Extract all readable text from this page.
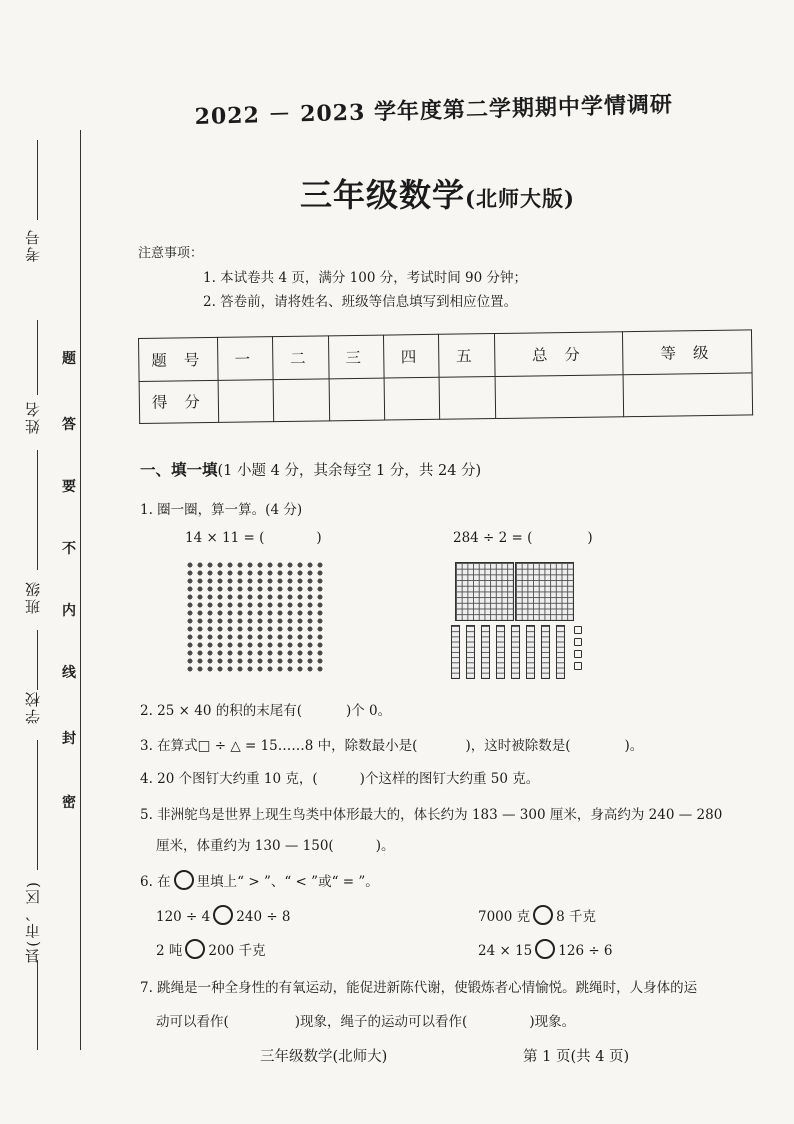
考号
姓名
班级
学校
县(市、区)
题
答
要
不
内
线
封
密
2022 － 2023 学年度第二学期期中学情调研
三年级数学(北师大版)
注意事项：
1. 本试卷共 4 页，满分 100 分，考试时间 90 分钟；
2. 答卷前，请将姓名、班级等信息填写到相应位置。
题 号	一	二	三	四	五	总 分	等 级
得 分							
一、填一填(1 小题 4 分，其余每空 1 分，共 24 分)
1. 圈一圈，算一算。(4 分)
14 × 11 = (	)	284 ÷ 2 = (	)
2. 25 × 40 的积的末尾有(	)个 0。
3. 在算式□ ÷ △ = 15……8 中，除数最小是(	)，这时被除数是(	)。
4. 20 个图钉大约重 10 克，(	)个这样的图钉大约重 50 克。
5. 非洲鸵鸟是世界上现生鸟类中体形最大的，体长约为 183 — 300 厘米，身高约为 240 — 280
厘米，体重约为 130 — 150(	)。
6. 在 里填上“ > ”、“ < ”或“ = ”。
120 ÷ 4 240 ÷ 8	7000 克 8 千克
2 吨 200 千克	24 × 15 126 ÷ 6
7. 跳绳是一种全身性的有氧运动，能促进新陈代谢，使锻炼者心情愉悦。跳绳时，人身体的运
动可以看作(	)现象，绳子的运动可以看作(	)现象。
三年级数学(北师大)	第 1 页(共 4 页)
